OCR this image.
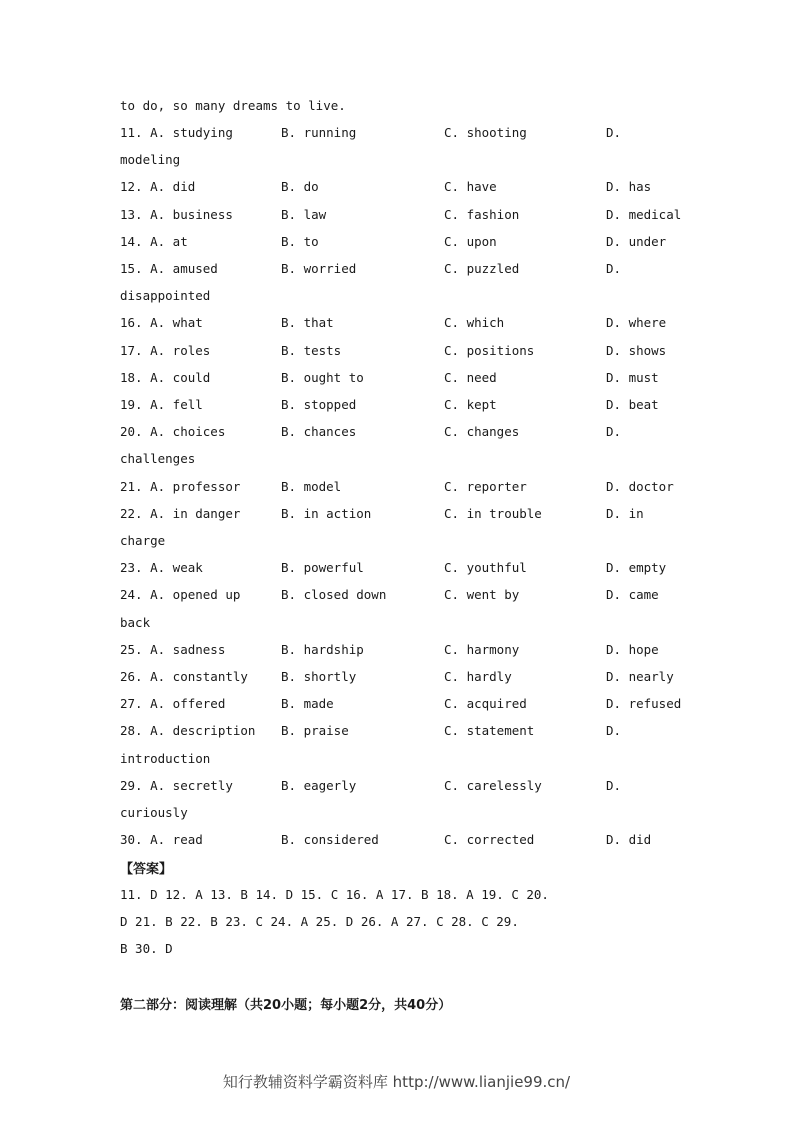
to do, so many dreams to live.
11. A. studying	B. running	C. shooting	D.
modeling
12. A. did	B. do	C. have	D. has
13. A. business	B. law	C. fashion	D. medical
14. A. at	B. to	C. upon	D. under
15. A. amused	B. worried	C. puzzled	D.
disappointed
16. A. what	B. that	C. which	D. where
17. A. roles	B. tests	C. positions	D. shows
18. A. could	B. ought to	C. need	D. must
19. A. fell	B. stopped	C. kept	D. beat
20. A. choices	B. chances	C. changes	D.
challenges
21. A. professor	B. model	C. reporter	D. doctor
22. A. in danger	B. in action	C. in trouble	D. in
charge
23. A. weak	B. powerful	C. youthful	D. empty
24. A. opened up	B. closed down	C. went by	D. came
back
25. A. sadness	B. hardship	C. harmony	D. hope
26. A. constantly	B. shortly	C. hardly	D. nearly
27. A. offered	B. made	C. acquired	D. refused
28. A. description B. praise	C. statement	D.
introduction
29. A. secretly	B. eagerly	C. carelessly	D.
curiously
30. A. read	B. considered	C. corrected	D. did
【答案】
11. D 12. A 13. B 14. D 15. C 16. A 17. B 18. A 19. C 20.
D 21. B 22. B 23. C 24. A 25. D 26. A 27. C 28. C 29.
B 30. D
第二部分：阅读理解（共20小题；每小题2分，共40分）
知行教辅资料学霸资料库 http://www.lianjie99.cn/
